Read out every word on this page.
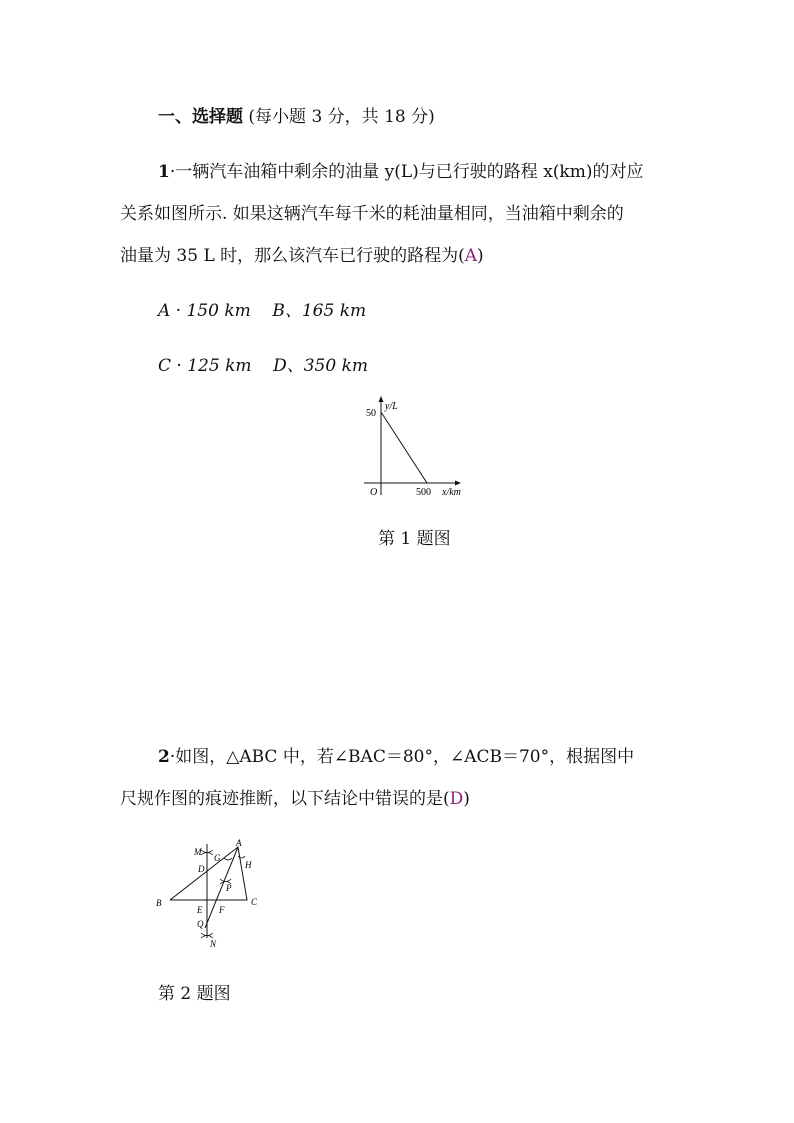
一、选择题 (每小题 3 分，共 18 分)
1·一辆汽车油箱中剩余的油量 y(L)与已行驶的路程 x(km)的对应
关系如图所示. 如果这辆汽车每千米的耗油量相同，当油箱中剩余的
油量为 35 L 时，那么该汽车已行驶的路程为(A)
A · 150 km    B、165 km
C · 125 km    D、350 km
y/L
50
O	500 x/km
第 1 题图
2·如图，△ABC 中，若∠BAC＝80°，∠ACB＝70°，根据图中
尺规作图的痕迹推断，以下结论中错误的是(D)
M
G
A
H
D
P
B
E F
C
Q
N
第 2 题图
